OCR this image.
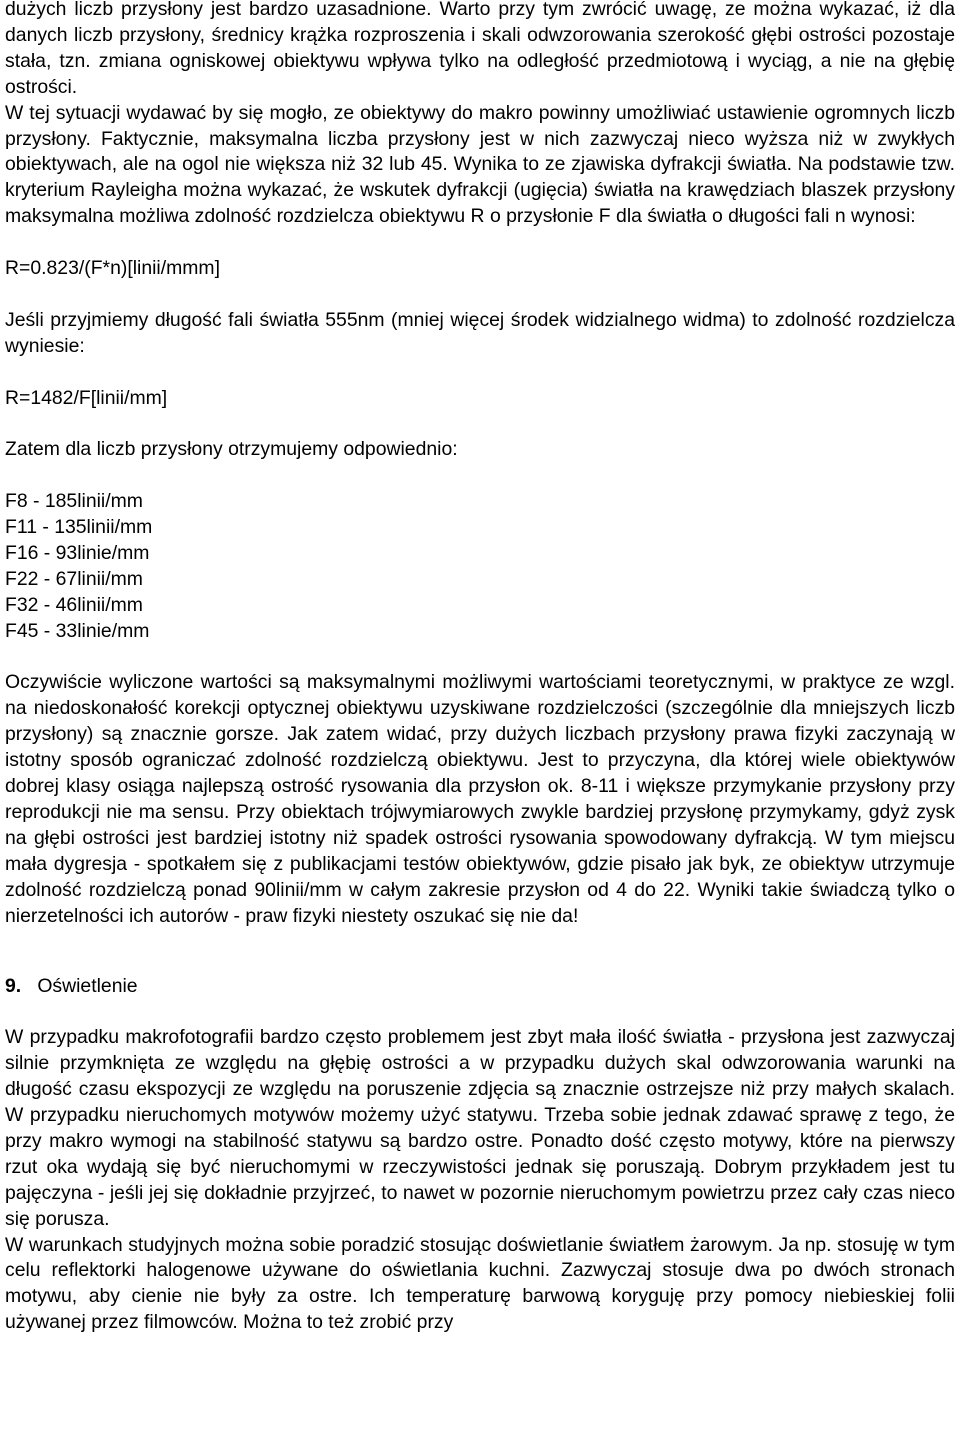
dużych liczb przysłony jest bardzo uzasadnione. Warto przy tym zwrócić uwagę, ze można wykazać, iż dla danych liczb przysłony, średnicy krążka rozproszenia i skali odwzorowania szerokość głębi ostrości pozostaje stała, tzn. zmiana ogniskowej obiektywu wpływa tylko na odległość przedmiotową i wyciąg, a nie na głębię ostrości.

W tej sytuacji wydawać by się mogło, ze obiektywy do makro powinny umożliwiać ustawienie ogromnych liczb przysłony. Faktycznie, maksymalna liczba przysłony jest w nich zazwyczaj nieco wyższa niż w zwykłych obiektywach, ale na ogol nie większa niż 32 lub 45. Wynika to ze zjawiska dyfrakcji światła. Na podstawie tzw. kryterium Rayleigha można wykazać, że wskutek dyfrakcji (ugięcia) światła na krawędziach blaszek przysłony maksymalna możliwa zdolność rozdzielcza obiektywu R o przysłonie F dla światła o długości fali n wynosi:

R=0.823/(F*n)[linii/mmm]

Jeśli przyjmiemy długość fali światła 555nm (mniej więcej środek widzialnego widma) to zdolność rozdzielcza wyniesie:

R=1482/F[linii/mm]

Zatem dla liczb przysłony otrzymujemy odpowiednio:

F8 - 185linii/mm
F11 - 135linii/mm
F16 - 93linie/mm
F22 - 67linii/mm
F32 - 46linii/mm
F45 - 33linie/mm

Oczywiście wyliczone wartości są maksymalnymi możliwymi wartościami teoretycznymi, w praktyce ze wzgl. na niedoskonałość korekcji optycznej obiektywu uzyskiwane rozdzielczości (szczególnie dla mniejszych liczb przysłony) są znacznie gorsze. Jak zatem widać, przy dużych liczbach przysłony prawa fizyki zaczynają w istotny sposób ograniczać zdolność rozdzielczą obiektywu. Jest to przyczyna, dla której wiele obiektywów dobrej klasy osiąga najlepszą ostrość rysowania dla przysłon ok. 8-11 i większe przymykanie przysłony przy reprodukcji nie ma sensu. Przy obiektach trójwymiarowych zwykle bardziej przysłonę przymykamy, gdyż zysk na głębi ostrości jest bardziej istotny niż spadek ostrości rysowania spowodowany dyfrakcją. W tym miejscu mała dygresja - spotkałem się z publikacjami testów obiektywów, gdzie pisało jak byk, ze obiektyw utrzymuje zdolność rozdzielczą ponad 90linii/mm w całym zakresie przysłon od 4 do 22. Wyniki takie świadczą tylko o nierzetelności ich autorów - praw fizyki niestety oszukać się nie da!

9. Oświetlenie

W przypadku makrofotografii bardzo często problemem jest zbyt mała ilość światła - przysłona jest zazwyczaj silnie przymknięta ze względu na głębię ostrości a w przypadku dużych skal odwzorowania warunki na długość czasu ekspozycji ze względu na poruszenie zdjęcia są znacznie ostrzejsze niż przy małych skalach. W przypadku nieruchomych motywów możemy użyć statywu. Trzeba sobie jednak zdawać sprawę z tego, że przy makro wymogi na stabilność statywu są bardzo ostre. Ponadto dość często motywy, które na pierwszy rzut oka wydają się być nieruchomymi w rzeczywistości jednak się poruszają. Dobrym przykładem jest tu pajęczyna - jeśli jej się dokładnie przyjrzeć, to nawet w pozornie nieruchomym powietrzu przez cały czas nieco się porusza.

W warunkach studyjnych można sobie poradzić stosując doświetlanie światłem żarowym. Ja np. stosuję w tym celu reflektorki halogenowe używane do oświetlania kuchni. Zazwyczaj stosuje dwa po dwóch stronach motywu, aby cienie nie były za ostre. Ich temperaturę barwową koryguję przy pomocy niebieskiej folii używanej przez filmowców. Można to też zrobić przy
